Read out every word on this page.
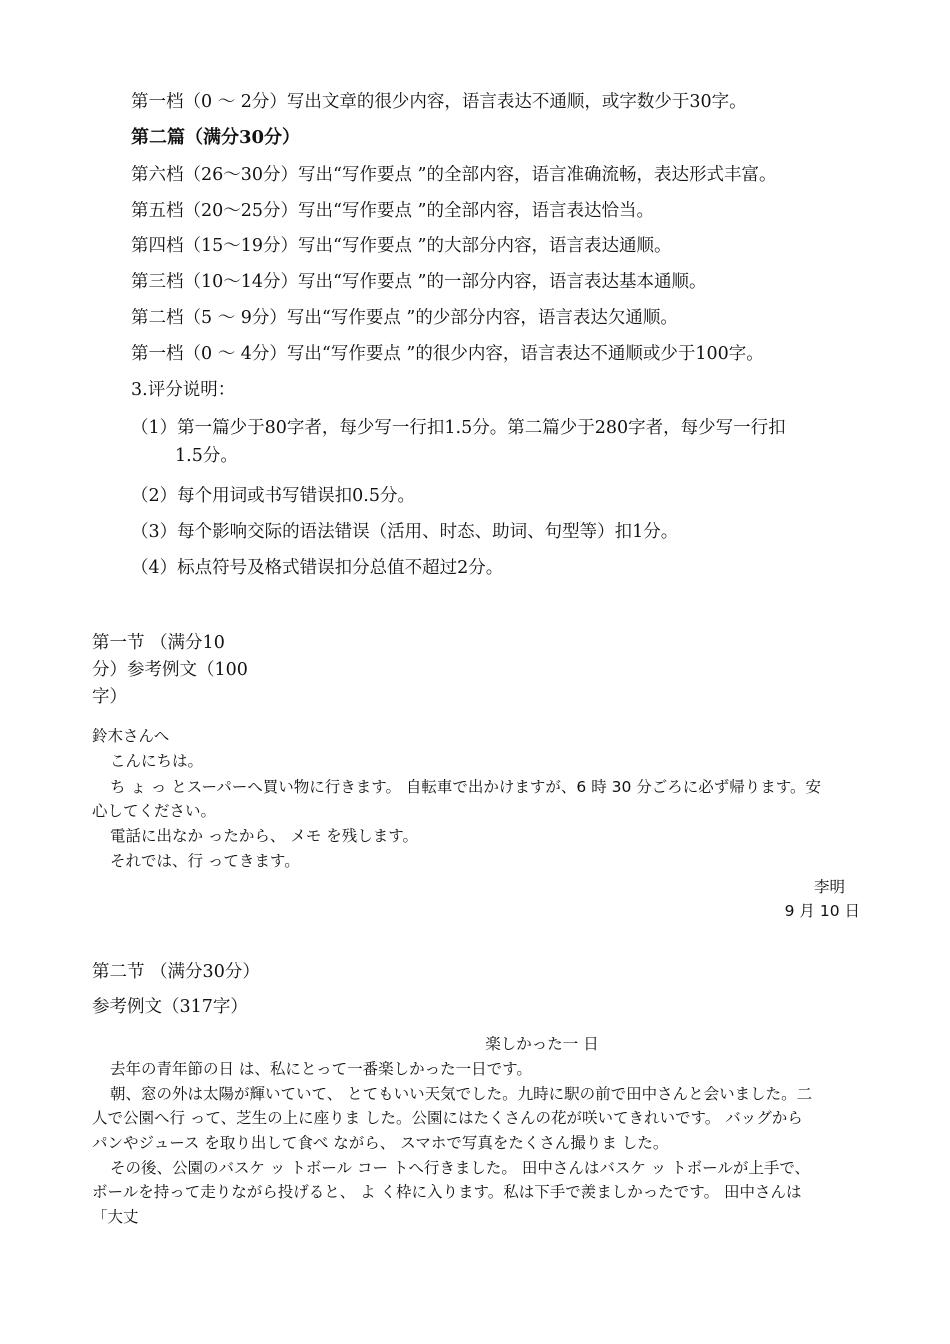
第一档（0 ～ 2分）写出文章的很少内容，语言表达不通顺，或字数少于30字。
第二篇（满分30分）
第六档（26～30分）写出“写作要点 ”的全部内容，语言准确流畅，表达形式丰富。
第五档（20～25分）写出“写作要点 ”的全部内容，语言表达恰当。
第四档（15～19分）写出“写作要点 ”的大部分内容，语言表达通顺。
第三档（10～14分）写出“写作要点 ”的一部分内容，语言表达基本通顺。
第二档（5 ～ 9分）写出“写作要点 ”的少部分内容，语言表达欠通顺。
第一档（0 ～ 4分）写出“写作要点 ”的很少内容，语言表达不通顺或少于100字。
3.评分说明：
（1）第一篇少于80字者，每少写一行扣1.5分。第二篇少于280字者，每少写一行扣
1.5分。
（2）每个用词或书写错误扣0.5分。
（3）每个影响交际的语法错误（活用、时态、助词、句型等）扣1分。
（4）标点符号及格式错误扣分总值不超过2分。
第一节 （满分10
分）参考例文（100
字）
鈴木さんへ
こんにちは。
ち ょ っ とスーパーへ買い物に行きます。 自転車で出かけますが、6 時 30 分ごろに必ず帰ります。安
心してください。
電話に出なか ったから、 メモ を残します。
それでは、行 ってきます。
李明
9 月 10 日
第二节 （满分30分）
参考例文（317字）
楽しかった一 日
去年の青年節の日 は、私にとって一番楽しかった一日です。
朝、窓の外は太陽が輝いていて、 とてもいい天気でした。九時に駅の前で田中さんと会いました。二
人で公園へ行 って、芝生の上に座りま した。公園にはたくさんの花が咲いてきれいです。 バッグから
パンやジュース を取り出して食べ ながら、 スマホで写真をたくさん撮りま した。
その後、公園のバスケ ッ トボール コー トへ行きました。 田中さんはバスケ ッ トボールが上手で、
ボールを持って走りながら投げると、 よ く枠に入ります。私は下手で羨ましかったです。 田中さんは
「大丈
